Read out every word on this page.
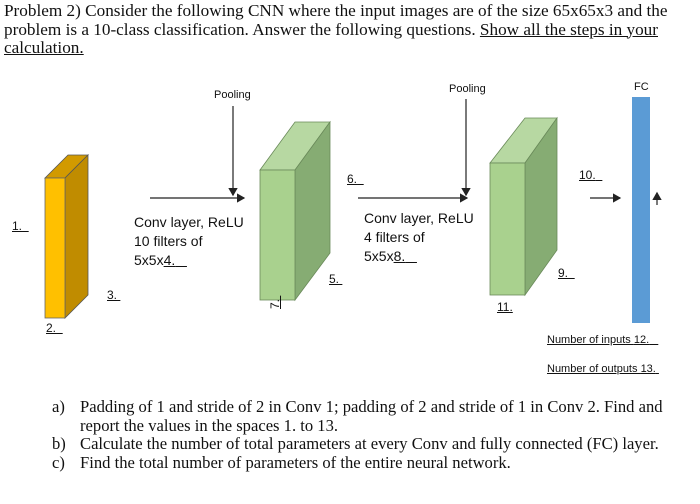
Problem 2) Consider the following CNN where the input images are of the size 65x65x3 and the problem is a 10-class classification. Answer the following questions. Show all the steps in your calculation.
Pooling	Pooling	FC
Conv layer, ReLU
10 filters of
5x5x4.
Conv layer, ReLU
4 filters of
5x5x8.
1.
2.
3.
5.
6.
7.
9.
10.
11.
Number of inputs 12.
Number of outputs 13.
a) Padding of 1 and stride of 2 in Conv 1; padding of 2 and stride of 1 in Conv 2. Find and report the values in the spaces 1. to 13.
b) Calculate the number of total parameters at every Conv and fully connected (FC) layer.
c) Find the total number of parameters of the entire neural network.
